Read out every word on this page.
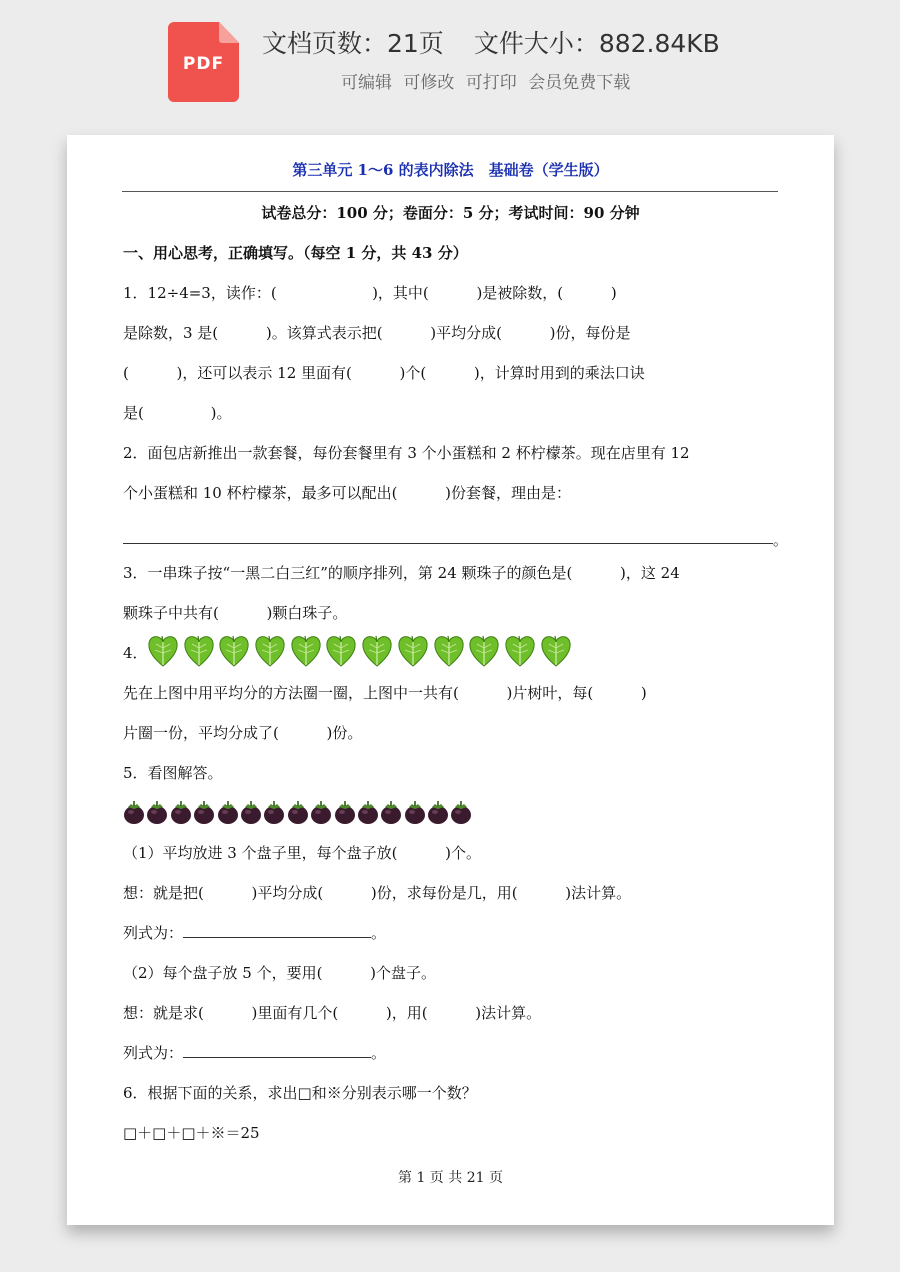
PDF
文档页数：21页 文件大小：882.84KB
可编辑 可修改 可打印 会员免费下载
第三单元 1～6 的表内除法　基础卷（学生版）
试卷总分：100 分；卷面分：5 分；考试时间：90 分钟
一、用心思考，正确填写。（每空 1 分，共 43 分）
1．12÷4=3，读作：(                    )，其中(          )是被除数，(          )
是除数，3 是(          )。该算式表示把(          )平均分成(          )份，每份是
(          )，还可以表示 12 里面有(          )个(          )，计算时用到的乘法口诀
是(              )。
2．面包店新推出一款套餐，每份套餐里有 3 个小蛋糕和 2 杯柠檬茶。现在店里有 12
个小蛋糕和 10 杯柠檬茶，最多可以配出(          )份套餐，理由是：
。
3．一串珠子按“一黑二白三红”的顺序排列，第 24 颗珠子的颜色是(          )，这 24
颗珠子中共有(          )颗白珠子。
4．
先在上图中用平均分的方法圈一圈，上图中一共有(          )片树叶，每(          )
片圈一份，平均分成了(          )份。
5．看图解答。
（1）平均放进 3 个盘子里，每个盘子放(          )个。
想：就是把(          )平均分成(          )份，求每份是几，用(          )法计算。
列式为：	。
（2）每个盘子放 5 个，要用(          )个盘子。
想：就是求(          )里面有几个(          )，用(          )法计算。
列式为：	。
6．根据下面的关系，求出□和※分别表示哪一个数？
□＋□＋□＋※＝25
第 1 页 共 21 页
